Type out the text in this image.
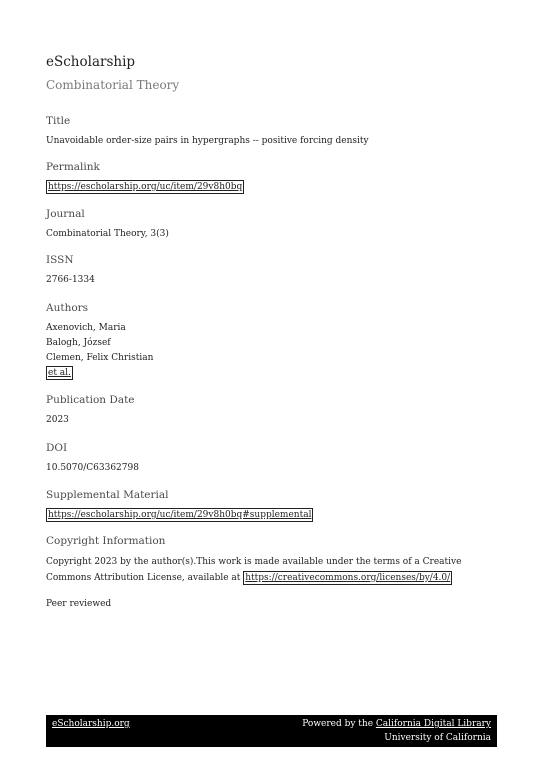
eScholarship
Combinatorial Theory
Title
Unavoidable order-size pairs in hypergraphs -- positive forcing density
Permalink
https://escholarship.org/uc/item/29v8h0bq
Journal
Combinatorial Theory, 3(3)
ISSN
2766-1334
Authors
Axenovich, Maria
Balogh, József
Clemen, Felix Christian
et al.
Publication Date
2023
DOI
10.5070/C63362798
Supplemental Material
https://escholarship.org/uc/item/29v8h0bq#supplemental
Copyright Information
Copyright 2023 by the author(s).This work is made available under the terms of a Creative
Commons Attribution License, available at https://creativecommons.org/licenses/by/4.0/
Peer reviewed
eScholarship.org	Powered by the California Digital Library
University of California
